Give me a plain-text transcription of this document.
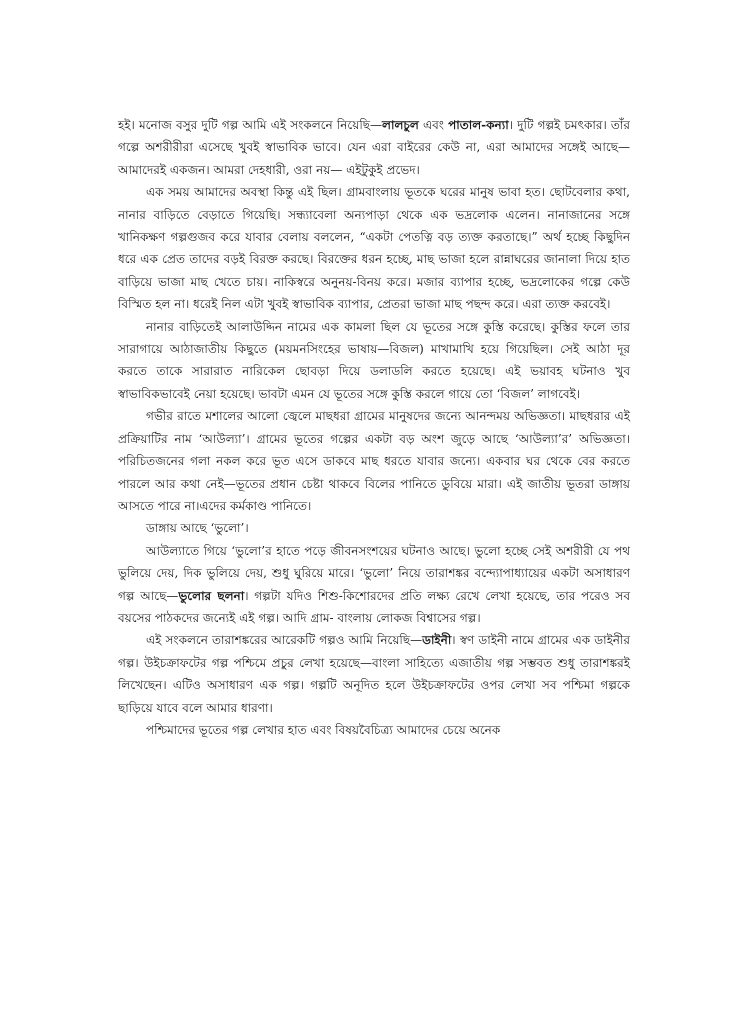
হই। মনোজ বসুর দুটি গল্প আমি এই সংকলনে নিয়েছি—লালচুল এবং পাতাল-কন্যা। দুটি গল্পই চমৎকার। তাঁর গল্পে অশরীরীরা এসেছে খুবই স্বাভাবিক ভাবে। যেন এরা বাইরের কেউ না, এরা আমাদের সঙ্গেই আছে—আমাদেরই একজন। আমরা দেহধারী, ওরা নয়— এইটুকুই প্রভেদ।

এক সময় আমাদের অবস্থা কিন্তু এই ছিল। গ্রামবাংলায় ভূতকে ঘরের মানুষ ভাবা হত। ছোটবেলার কথা, নানার বাড়িতে বেড়াতে গিয়েছি। সন্ধ্যাবেলা অন্যপাড়া থেকে এক ভদ্রলোক এলেন। নানাজানের সঙ্গে খানিকক্ষণ গল্পগুজব করে যাবার বেলায় বললেন, “একটা পেতত্নি বড় ত্যক্ত করতাছে।” অর্থ হচ্ছে কিছুদিন ধরে এক প্রেত তাদের বড়ই বিরক্ত করছে। বিরক্তের ধরন হচ্ছে, মাছ ভাজা হলে রান্নাঘরের জানালা দিয়ে হাত বাড়িয়ে ভাজা মাছ খেতে চায়। নাকিস্বরে অনুনয়-বিনয় করে। মজার ব্যাপার হচ্ছে, ভদ্রলোকের গল্পে কেউ বিস্মিত হল না। ধরেই নিল এটা খুবই স্বাভাবিক ব্যাপার, প্রেতরা ভাজা মাছ পছন্দ করে। এরা ত্যক্ত করবেই।

নানার বাড়িতেই আলাউদ্দিন নামের এক কামলা ছিল যে ভূতের সঙ্গে কুস্তি করেছে। কুস্তির ফলে তার সারাগায়ে আঠাজাতীয় কিছুতে (ময়মনসিংহের ভাষায়—বিজল) মাখামাখি হয়ে গিয়েছিল। সেই আঠা দূর করতে তাকে সারারাত নারিকেল ছোবড়া দিয়ে ডলাডলি করতে হয়েছে। এই ভয়াবহ ঘটনাও খুব স্বাভাবিকভাবেই নেয়া হয়েছে। ভাবটা এমন যে ভূতের সঙ্গে কুস্তি করলে গায়ে তো ‘বিজল’ লাগবেই।

গভীর রাতে মশালের আলো জ্বেলে মাছধরা গ্রামের মানুষদের জন্যে আনন্দময় অভিজ্ঞতা। মাছধরার এই প্রক্রিয়াটির নাম ‘আউল্যা’। গ্রামের ভূতের গল্পের একটা বড় অংশ জুড়ে আছে ‘আউল্যা’র’ অভিজ্ঞতা। পরিচিতজনের গলা নকল করে ভূত এসে ডাকবে মাছ ধরতে যাবার জন্যে। একবার ঘর থেকে বের করতে পারলে আর কথা নেই—ভূতের প্রধান চেষ্টা থাকবে বিলের পানিতে ডুবিয়ে মারা। এই জাতীয় ভূতরা ডাঙ্গায় আসতে পারে না।এদের কর্মকাণ্ড পানিতে।

ডাঙ্গায় আছে ‘ভুলো’।

আউল্যাতে গিয়ে ‘ভুলো’র হাতে পড়ে জীবনসংশয়ের ঘটনাও আছে। ভুলো হচ্ছে সেই অশরীরী যে পথ ভুলিয়ে দেয়, দিক ভুলিয়ে দেয়, শুধু ঘুরিয়ে মারে। ‘ভুলো’ নিয়ে তারাশঙ্কর বন্দ্যোপাধ্যায়ের একটা অসাধারণ গল্প আছে—ভুলোর ছলনা। গল্পটা যদিও শিশু-কিশোরদের প্রতি লক্ষ্য রেখে লেখা হয়েছে, তার পরেও সব বয়সের পাঠকদের জন্যেই এই গল্প। আদি গ্রাম- বাংলায় লোকজ বিশ্বাসের গল্প।

এই সংকলনে তারাশঙ্করের আরেকটি গল্পও আমি নিয়েছি—ডাইনী। স্বণ ডাইনী নামে গ্রামের এক ডাইনীর গল্প। উইচক্রাফটের গল্প পশ্চিমে প্রচুর লেখা হয়েছে—বাংলা সাহিত্যে এজাতীয় গল্প সম্ভবত শুধু তারাশঙ্করই লিখেছেন। এটিও অসাধারণ এক গল্প। গল্পটি অনূদিত হলে উইচক্রাফটের ওপর লেখা সব পশ্চিমা গল্পকে ছাড়িয়ে যাবে বলে আমার ধারণা।

পশ্চিমাদের ভূতের গল্প লেখার হাত এবং বিষয়বৈচিত্র্য আমাদের চেয়ে অনেক
